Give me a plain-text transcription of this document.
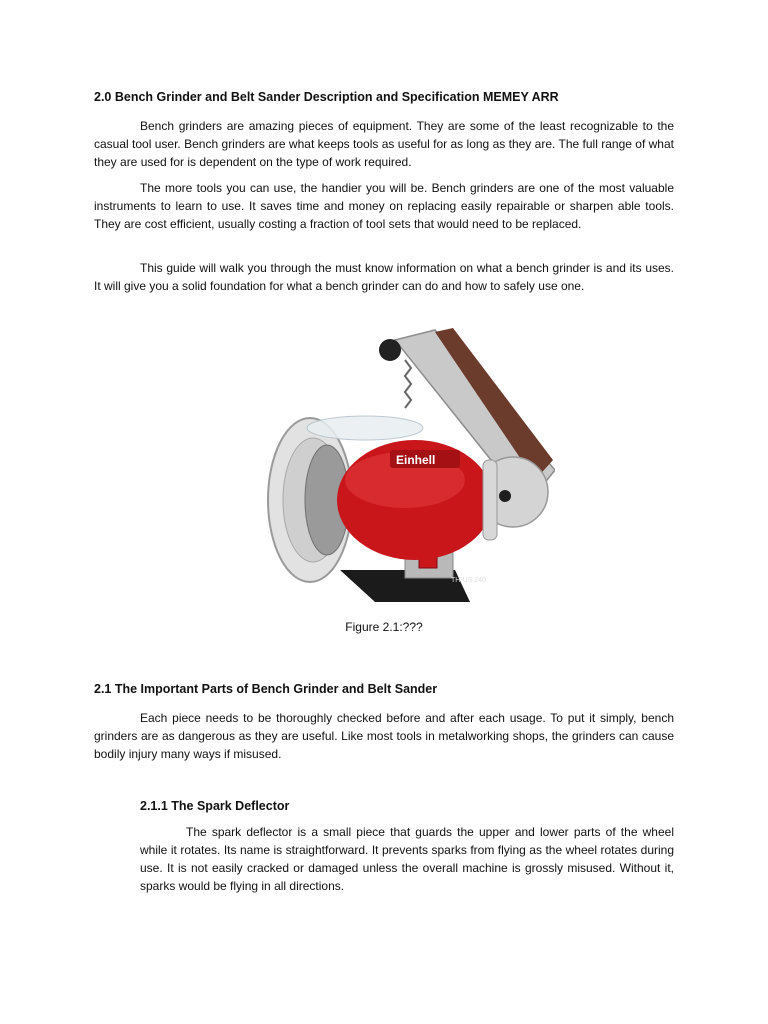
2.0 Bench Grinder and Belt Sander Description and Specification MEMEY ARR

Bench grinders are amazing pieces of equipment. They are some of the least recognizable to the casual tool user. Bench grinders are what keeps tools as useful for as long as they are. The full range of what they are used for is dependent on the type of work required.

The more tools you can use, the handier you will be. Bench grinders are one of the most valuable instruments to learn to use. It saves time and money on replacing easily repairable or sharpen able tools. They are cost efficient, usually costing a fraction of tool sets that would need to be replaced.

This guide will walk you through the must know information on what a bench grinder is and its uses. It will give you a solid foundation for what a bench grinder can do and how to safely use one.

TH-US 240
Einhell
Figure 2.1:???
2.1 The Important Parts of Bench Grinder and Belt Sander

Each piece needs to be thoroughly checked before and after each usage. To put it simply, bench grinders are as dangerous as they are useful. Like most tools in metalworking shops, the grinders can cause bodily injury many ways if misused.

2.1.1 The Spark Deflector

The spark deflector is a small piece that guards the upper and lower parts of the wheel while it rotates. Its name is straightforward. It prevents sparks from flying as the wheel rotates during use. It is not easily cracked or damaged unless the overall machine is grossly misused. Without it, sparks would be flying in all directions.
